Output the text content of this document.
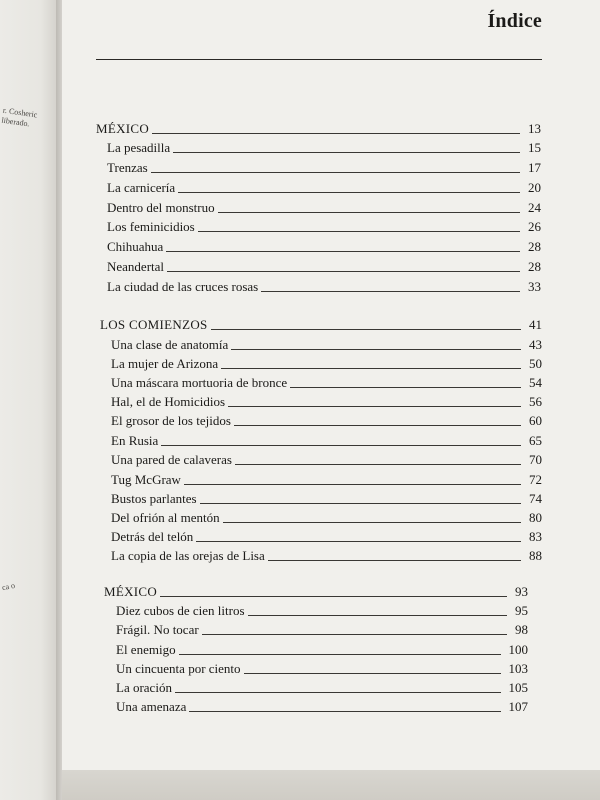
r. Cosheric
liberado.
ca o
Índice
MÉXICO	13
La pesadilla	15
Trenzas	17
La carnicería	20
Dentro del monstruo	24
Los feminicidios	26
Chihuahua	28
Neandertal	28
La ciudad de las cruces rosas	33
LOS COMIENZOS	41
Una clase de anatomía	43
La mujer de Arizona	50
Una máscara mortuoria de bronce	54
Hal, el de Homicidios	56
El grosor de los tejidos	60
En Rusia	65
Una pared de calaveras	70
Tug McGraw	72
Bustos parlantes	74
Del ofrión al mentón	80
Detrás del telón	83
La copia de las orejas de Lisa	88
MÉXICO	93
Diez cubos de cien litros	95
Frágil. No tocar	98
El enemigo	100
Un cincuenta por ciento	103
La oración	105
Una amenaza	107
